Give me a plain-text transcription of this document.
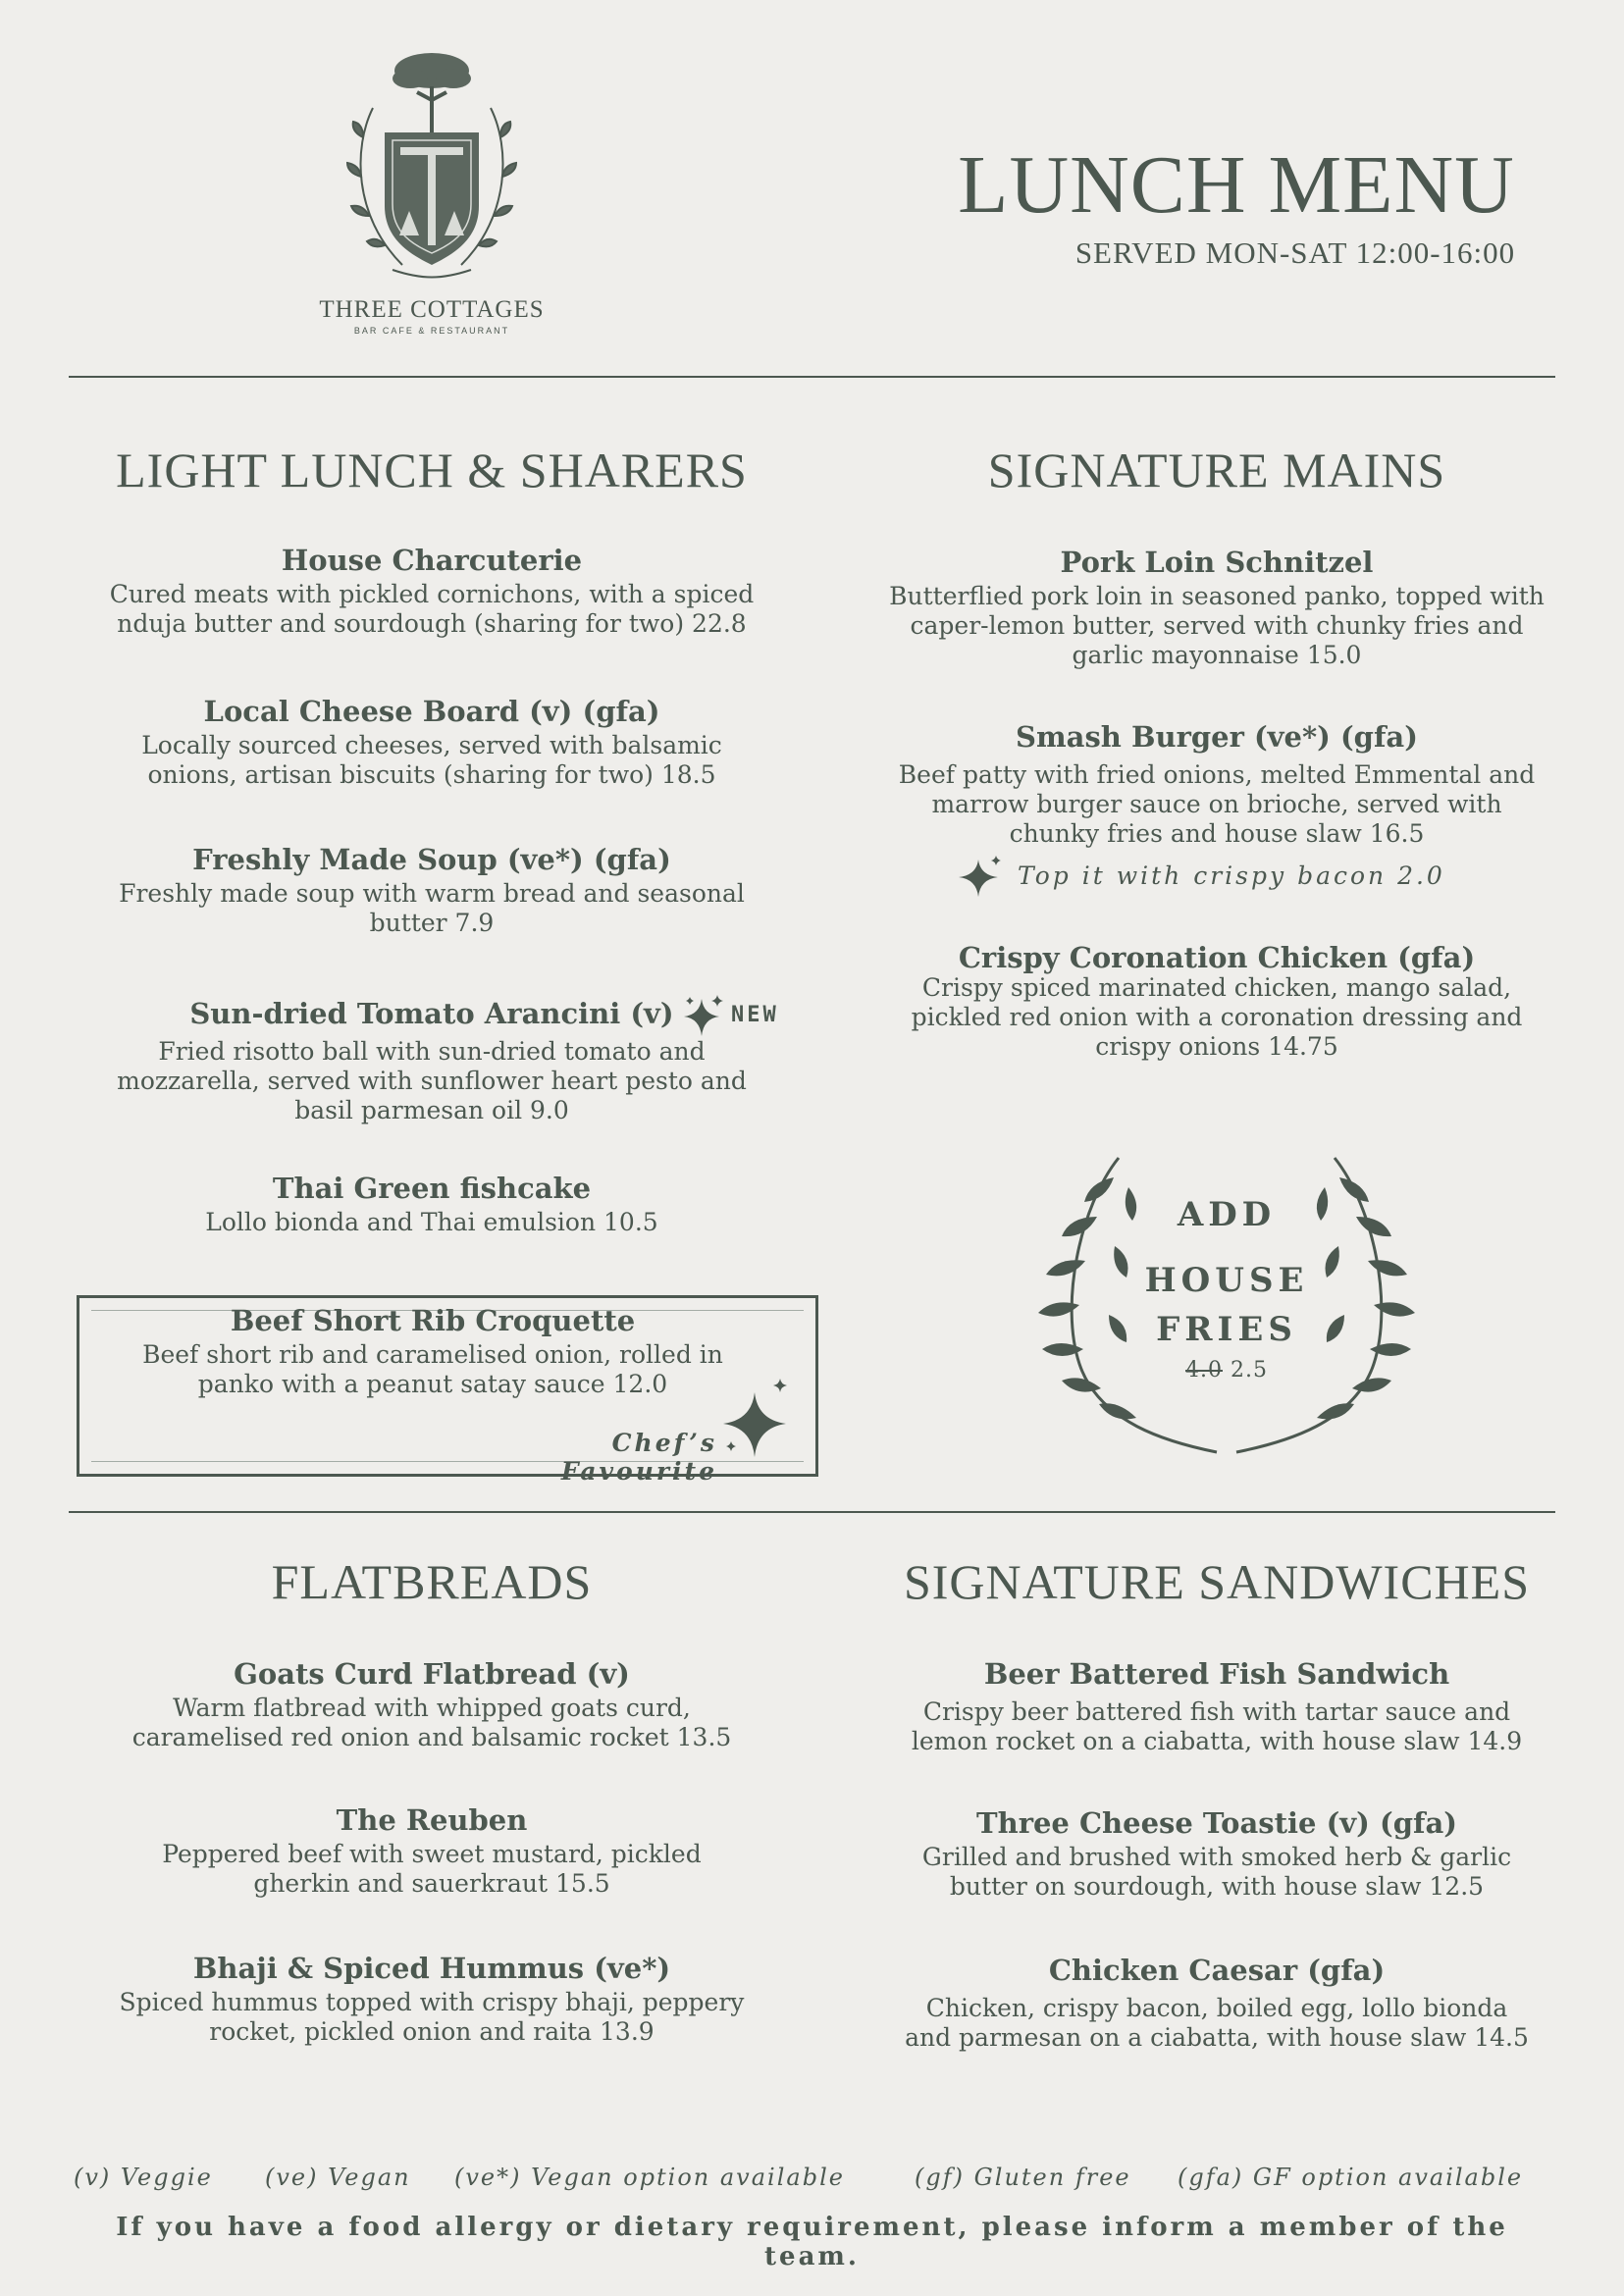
THREE COTTAGES
BAR CAFE & RESTAURANT
LUNCH MENU
SERVED MON-SAT 12:00-16:00
LIGHT LUNCH & SHARERS
House Charcuterie
Cured meats with pickled cornichons, with a spiced
nduja butter and sourdough (sharing for two) 22.8
Local Cheese Board (v) (gfa)
Locally sourced cheeses, served with balsamic
onions, artisan biscuits (sharing for two) 18.5
Freshly Made Soup (ve*) (gfa)
Freshly made soup with warm bread and seasonal
butter 7.9
Sun-dried Tomato Arancini (v)
Fried risotto ball with sun-dried tomato and
mozzarella, served with sunflower heart pesto and
basil parmesan oil 9.0
NEW
Thai Green fishcake
Lollo bionda and Thai emulsion 10.5
Beef Short Rib Croquette
Beef short rib and caramelised onion, rolled in
panko with a peanut satay sauce 12.0
Chef’s Favourite
SIGNATURE MAINS
Pork Loin Schnitzel
Butterflied pork loin in seasoned panko, topped with
caper-lemon butter, served with chunky fries and
garlic mayonnaise 15.0
Smash Burger (ve*) (gfa)
Beef patty with fried onions, melted Emmental and
marrow burger sauce on brioche, served with
chunky fries and house slaw 16.5
Top it with crispy bacon 2.0
Crispy Coronation Chicken (gfa)
Crispy spiced marinated chicken, mango salad,
pickled red onion with a coronation dressing and
crispy onions 14.75
ADD
HOUSE
FRIES
4.0 2.5
FLATBREADS
Goats Curd Flatbread (v)
Warm flatbread with whipped goats curd,
caramelised red onion and balsamic rocket 13.5
The Reuben
Peppered beef with sweet mustard, pickled
gherkin and sauerkraut 15.5
Bhaji & Spiced Hummus (ve*)
Spiced hummus topped with crispy bhaji, peppery
rocket, pickled onion and raita 13.9
SIGNATURE SANDWICHES
Beer Battered Fish Sandwich
Crispy beer battered fish with tartar sauce and
lemon rocket on a ciabatta, with house slaw 14.9
Three Cheese Toastie (v) (gfa)
Grilled and brushed with smoked herb & garlic
butter on sourdough, with house slaw 12.5
Chicken Caesar (gfa)
Chicken, crispy bacon, boiled egg, lollo bionda
and parmesan on a ciabatta, with house slaw 14.5
(v) Veggie (ve) Vegan (ve*) Vegan option available	(gf) Gluten free (gfa) GF option available
If you have a food allergy or dietary requirement, please inform a member of the team.
